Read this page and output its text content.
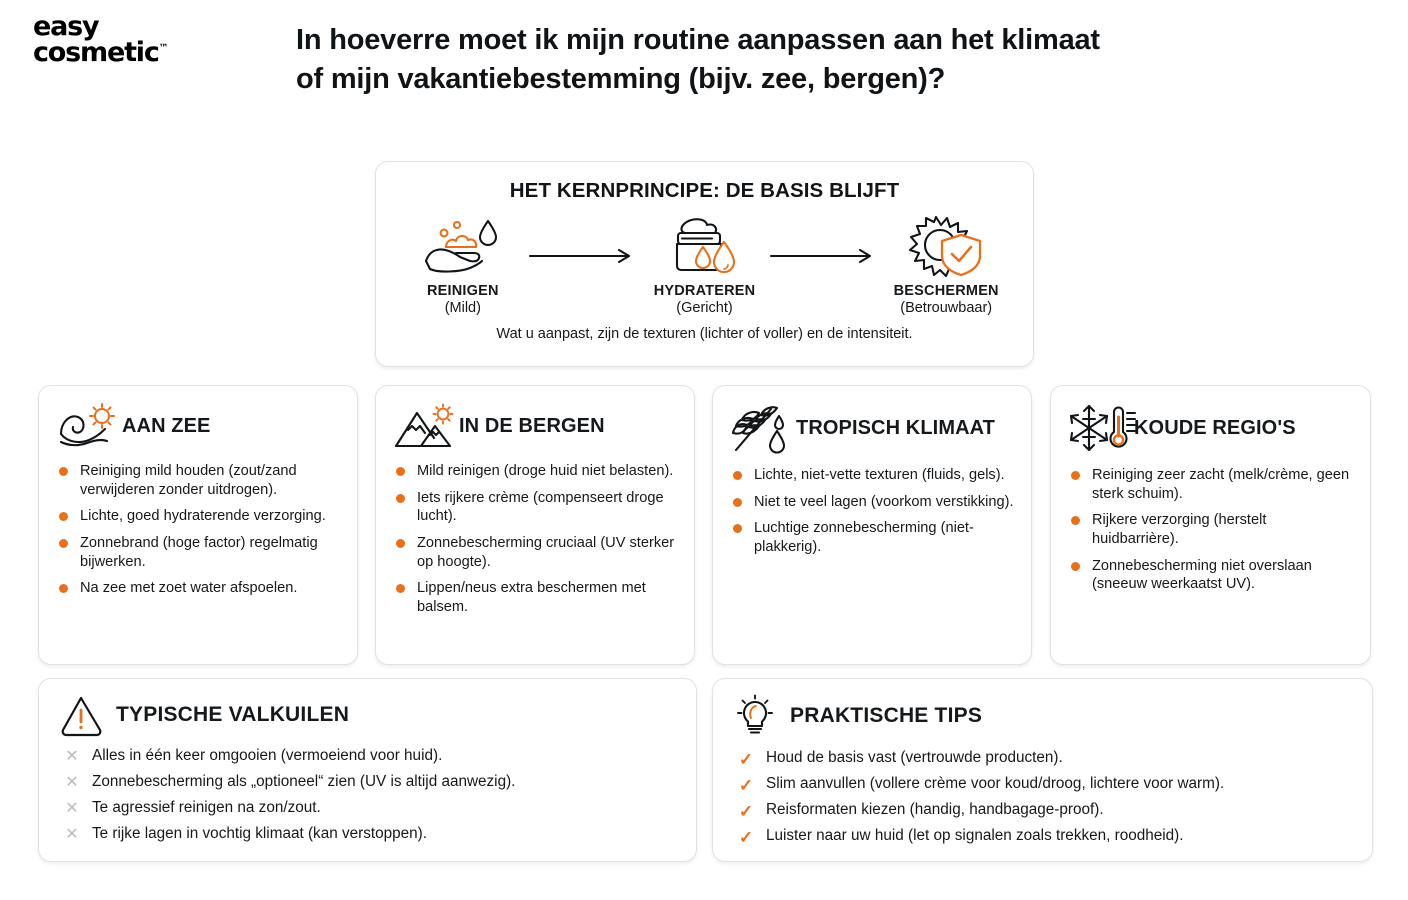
easy
cosmetic™	In hoeverre moet ik mijn routine aanpassen aan het klimaat
of mijn vakantiebestemming (bijv. zee, bergen)?
HET KERNPRINCIPE: DE BASIS BLIJFT
REINIGEN
(Mild)
HYDRATEREN
(Gericht)
BESCHERMEN
(Betrouwbaar)
Wat u aanpast, zijn de texturen (lichter of voller) en de intensiteit.
AAN ZEE
Reiniging mild houden (zout/zand verwijderen zonder uitdrogen).
Lichte, goed hydraterende verzorging.
Zonnebrand (hoge factor) regelmatig bijwerken.
Na zee met zoet water afspoelen.
IN DE BERGEN
Mild reinigen (droge huid niet belasten).
Iets rijkere crème (compenseert droge lucht).
Zonnebescherming cruciaal (UV sterker op hoogte).
Lippen/neus extra beschermen met balsem.
TROPISCH KLIMAAT
Lichte, niet-vette texturen (fluids, gels).
Niet te veel lagen (voorkom verstikking).
Luchtige zonnebescherming (niet-plakkerig).
KOUDE REGIO'S
Reiniging zeer zacht (melk/crème, geen sterk schuim).
Rijkere verzorging (herstelt huidbarrière).
Zonnebescherming niet overslaan (sneeuw weerkaatst UV).
TYPISCHE VALKUILEN
✕ Alles in één keer omgooien (vermoeiend voor huid).
✕ Zonnebescherming als „optioneel“ zien (UV is altijd aanwezig).
✕ Te agressief reinigen na zon/zout.
✕ Te rijke lagen in vochtig klimaat (kan verstoppen).
PRAKTISCHE TIPS
✓ Houd de basis vast (vertrouwde producten).
✓ Slim aanvullen (vollere crème voor koud/droog, lichtere voor warm).
✓ Reisformaten kiezen (handig, handbagage-proof).
✓ Luister naar uw huid (let op signalen zoals trekken, roodheid).
